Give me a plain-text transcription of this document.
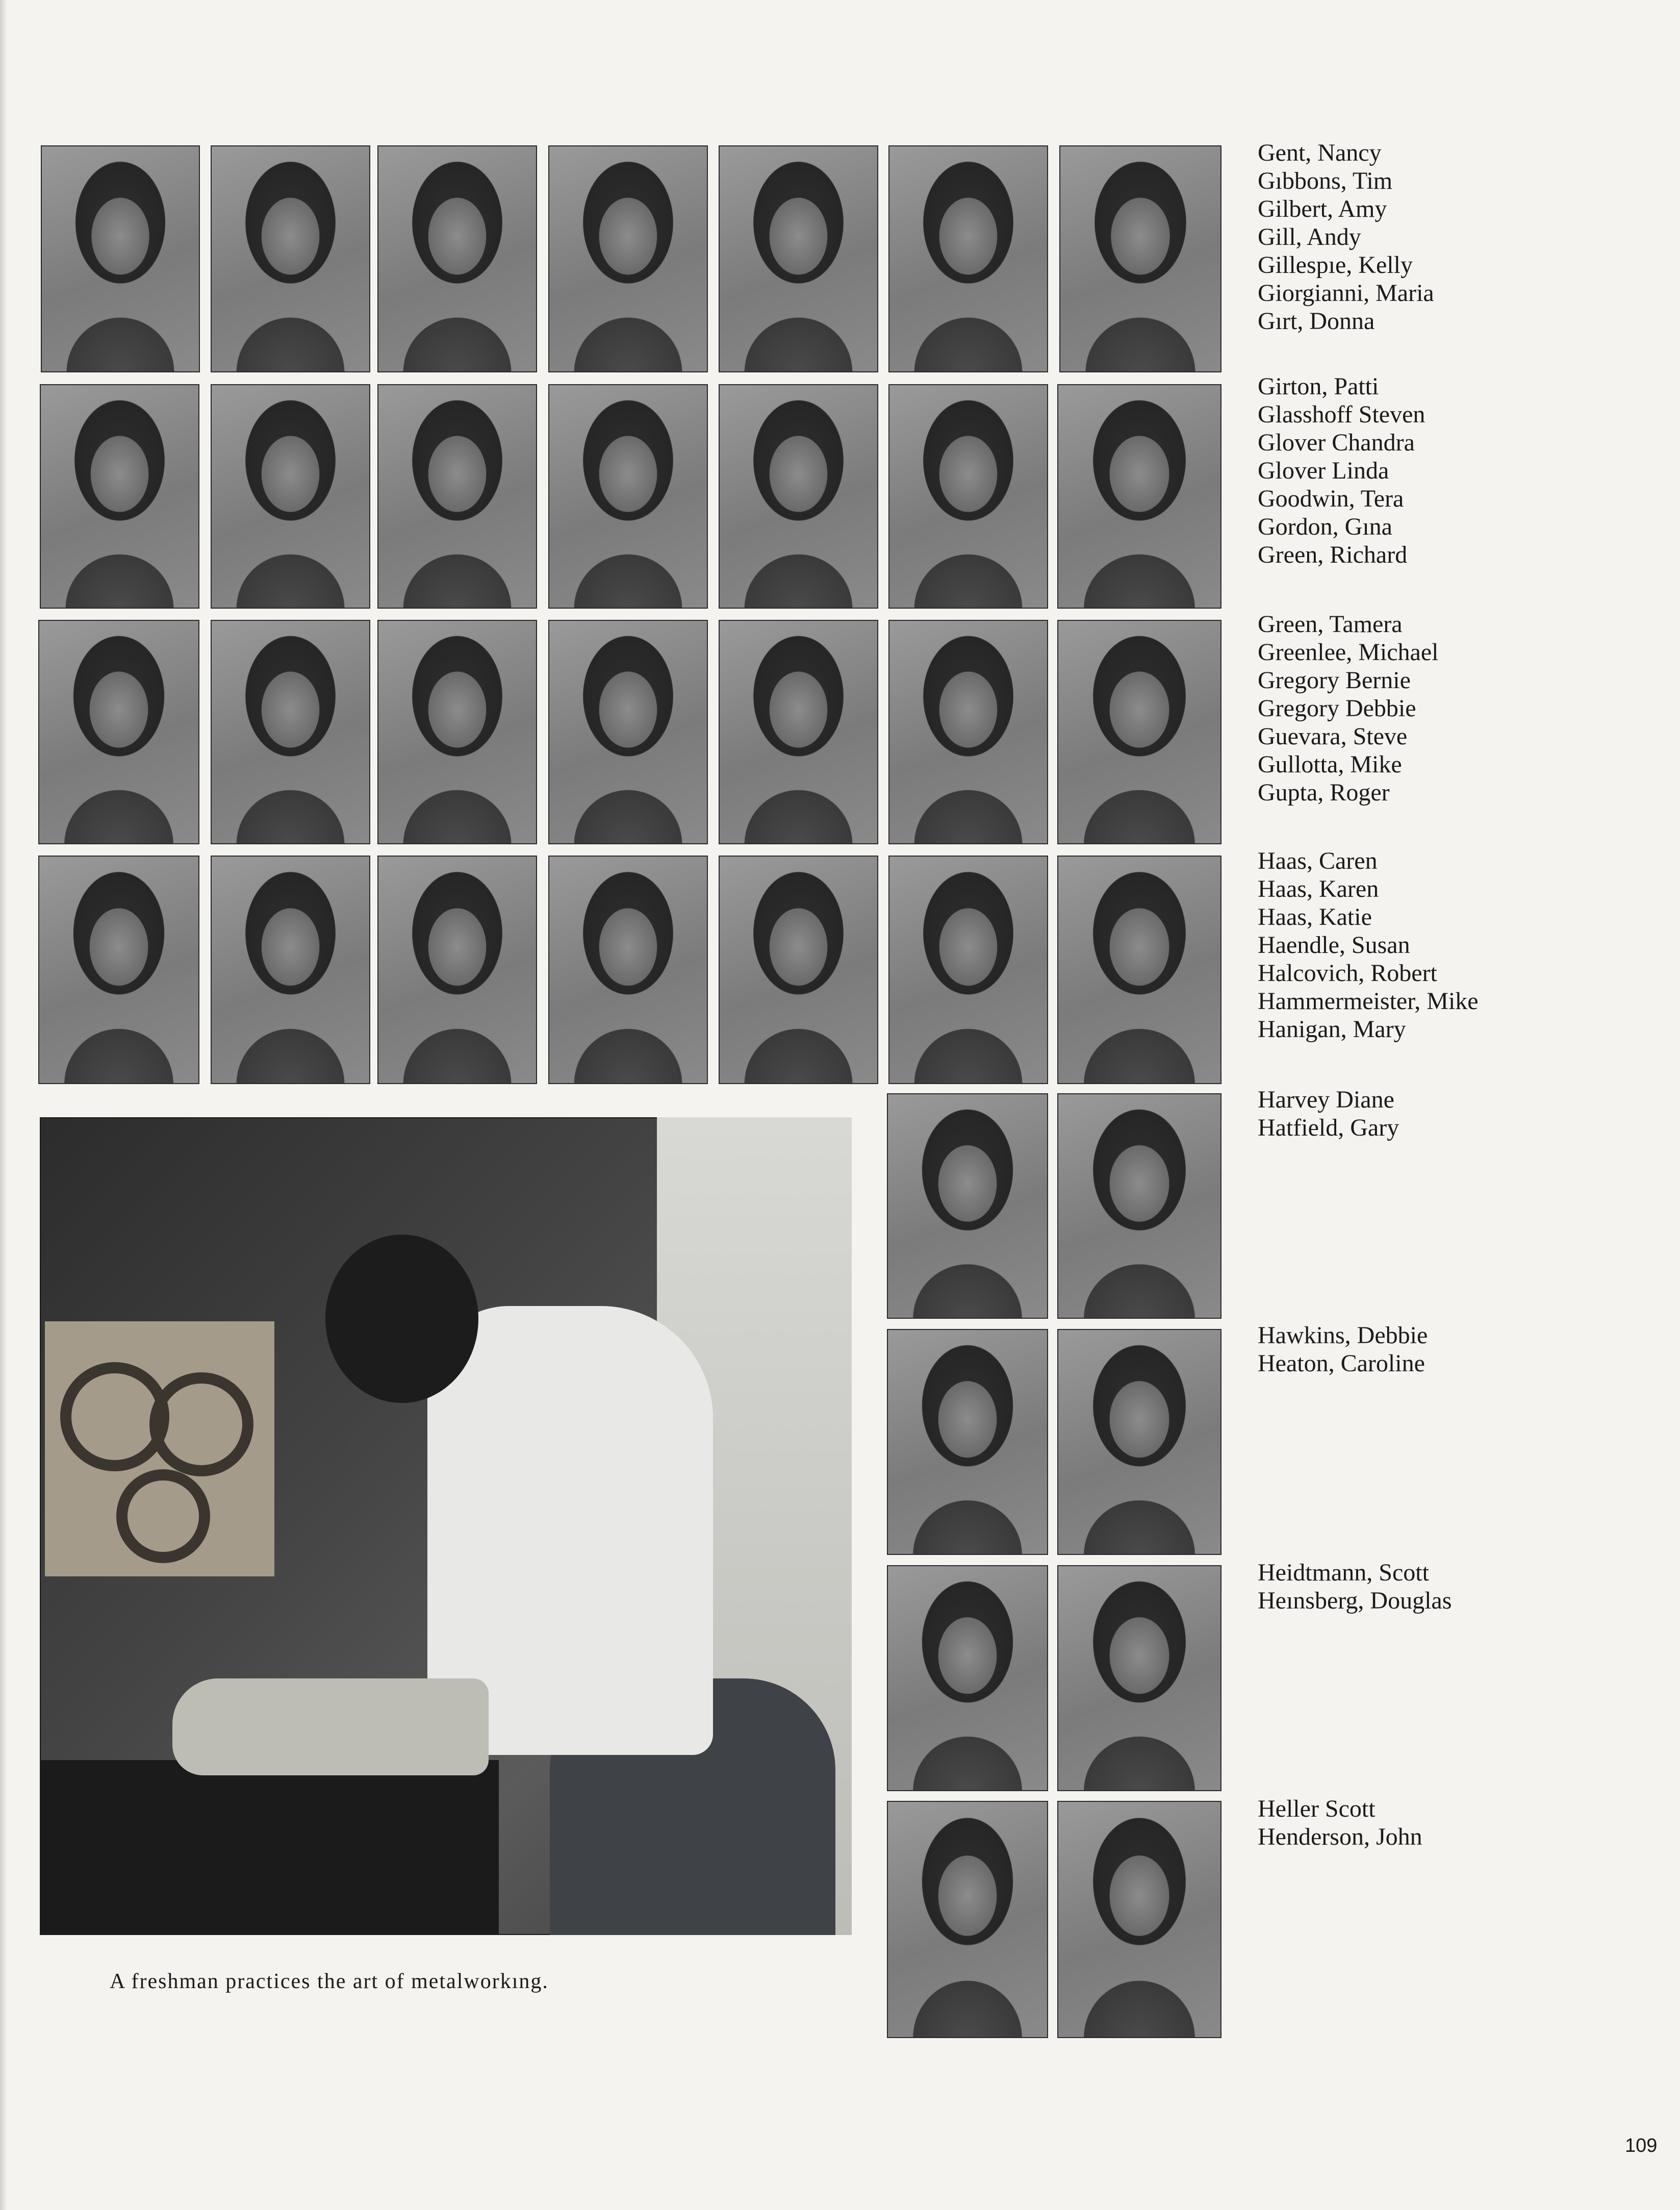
Gent, Nancy
Gıbbons, Tim
Gilbert, Amy
Gill, Andy
Gillespıe, Kelly
Giorgianni, Maria
Gırt, Donna
Girton, Patti
Glasshoff Steven
Glover Chandra
Glover Linda
Goodwin, Tera
Gordon, Gına
Green, Richard
Green, Tamera
Greenlee, Michael
Gregory Bernie
Gregory Debbie
Guevara, Steve
Gullotta, Mike
Gupta, Roger
Haas, Caren
Haas, Karen
Haas, Katie
Haendle, Susan
Halcovich, Robert
Hammermeister, Mike
Hanigan, Mary
Harvey Diane
Hatfield, Gary
Hawkins, Debbie
Heaton, Caroline
Heidtmann, Scott
Heınsberg, Douglas
Heller Scott
Henderson, John
A freshman practices the art of metalworkıng.
109
